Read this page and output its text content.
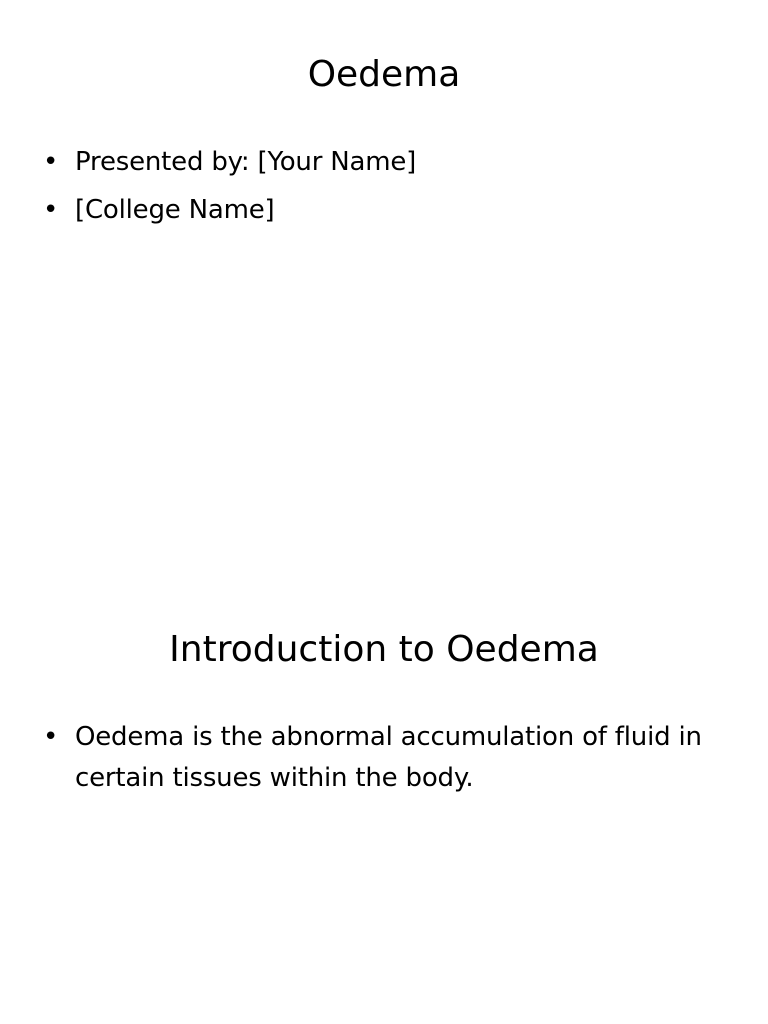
Oedema
• Presented by: [Your Name]
• [College Name]
Introduction to Oedema
• Oedema is the abnormal accumulation of fluid in certain tissues within the body.
